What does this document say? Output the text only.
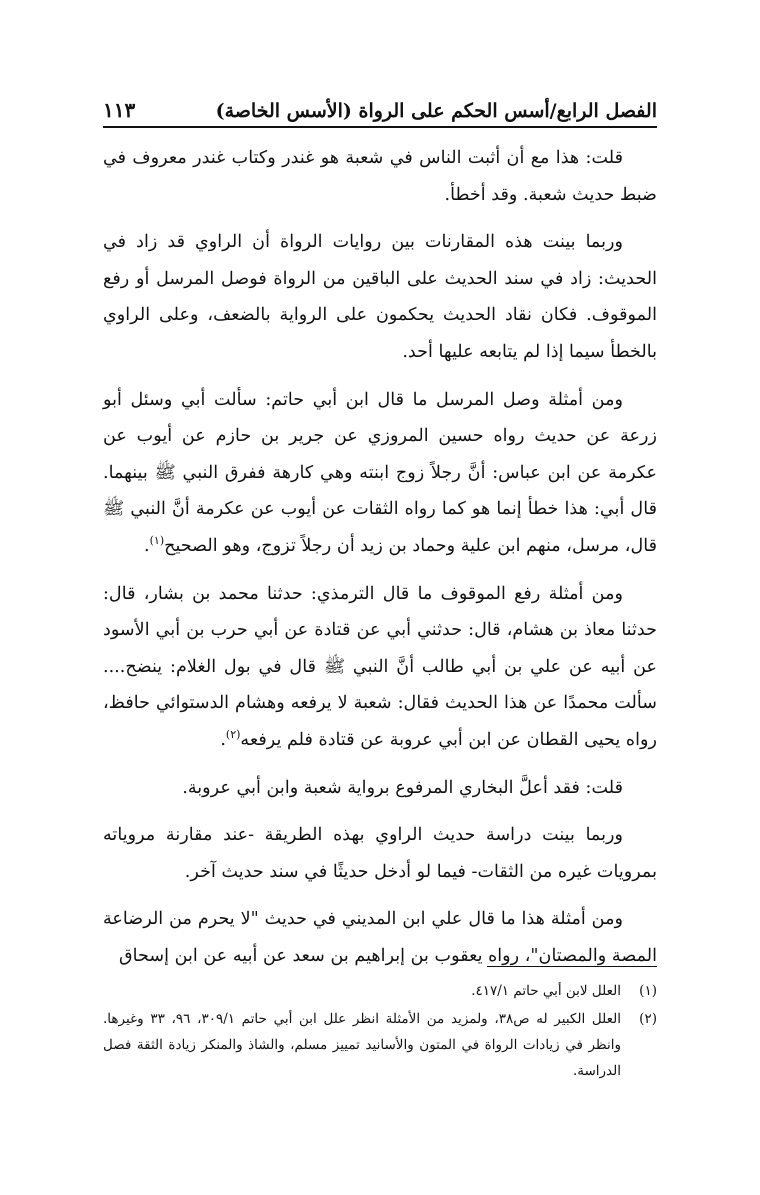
الفصل الرابع/أسس الحكم على الرواة (الأسس الخاصة)
١١٣

قلت: هذا مع أن أثبت الناس في شعبة هو غندر وكتاب غندر معروف في ضبط حديث شعبة. وقد أخطأ.

وربما بينت هذه المقارنات بين روايات الرواة أن الراوي قد زاد في الحديث: زاد في سند الحديث على الباقين من الرواة فوصل المرسل أو رفع الموقوف. فكان نقاد الحديث يحكمون على الرواية بالضعف، وعلى الراوي بالخطأ سيما إذا لم يتابعه عليها أحد.

ومن أمثلة وصل المرسل ما قال ابن أبي حاتم: سألت أبي وسئل أبو زرعة عن حديث رواه حسين المروزي عن جرير بن حازم عن أيوب عن عكرمة عن ابن عباس: أنَّ رجلاً زوج ابنته وهي كارهة ففرق النبي ﷺ بينهما. قال أبي: هذا خطأ إنما هو كما رواه الثقات عن أيوب عن عكرمة أنَّ النبي ﷺ قال، مرسل، منهم ابن علية وحماد بن زيد أن رجلاً تزوج، وهو الصحيح$^{(١)}$.

ومن أمثلة رفع الموقوف ما قال الترمذي: حدثنا محمد بن بشار، قال: حدثنا معاذ بن هشام، قال: حدثني أبي عن قتادة عن أبي حرب بن أبي الأسود عن أبيه عن علي بن أبي طالب أنَّ النبي ﷺ قال في بول الغلام: ينضح.... سألت محمدًا عن هذا الحديث فقال: شعبة لا يرفعه وهشام الدستوائي حافظ، رواه يحيى القطان عن ابن أبي عروبة عن قتادة فلم يرفعه$^{(٢)}$.

قلت: فقد أعلَّ البخاري المرفوع برواية شعبة وابن أبي عروبة.

وربما بينت دراسة حديث الراوي بهذه الطريقة -عند مقارنة مروياته بمرويات غيره من الثقات- فيما لو أدخل حديثًا في سند حديث آخر.

ومن أمثلة هذا ما قال علي ابن المديني في حديث "لا يحرم من الرضاعة المصة والمصتان"، رواه يعقوب بن إبراهيم بن سعد عن أبيه عن ابن إسحاق

(١)
العلل لابن أبي حاتم ٤١٧/١.
(٢)
العلل الكبير له ص٣٨، ولمزيد من الأمثلة انظر علل ابن أبي حاتم ٣٠٩/١، ٩٦، ٣٣ وغيرها. وانظر في زيادات الرواة في المتون والأسانيد تمييز مسلم، والشاذ والمنكر زيادة الثقة فصل الدراسة.
